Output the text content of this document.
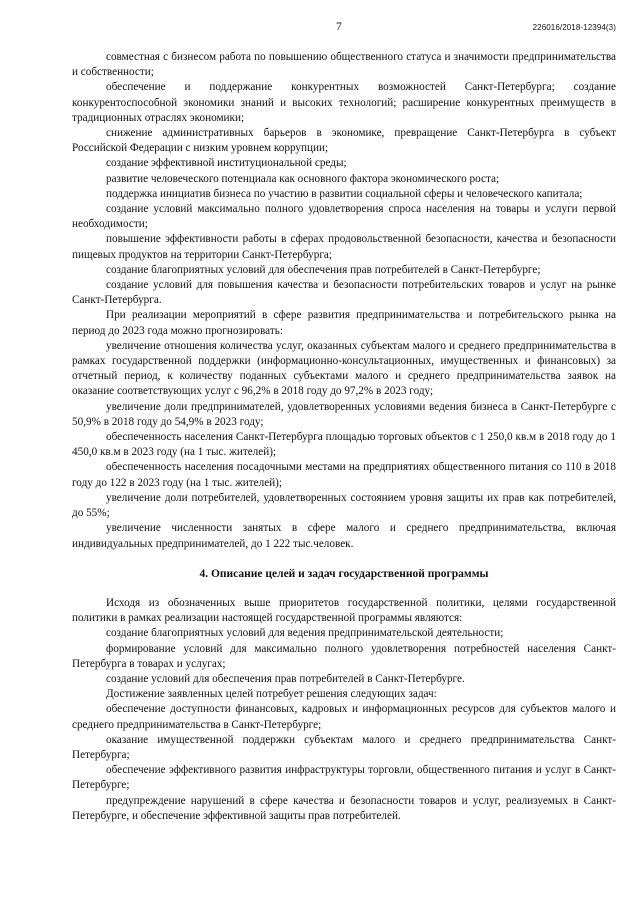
7	226016/2018-12394(3)

совместная с бизнесом работа по повышению общественного статуса и значимости предпринимательства и собственности;

обеспечение и поддержание конкурентных возможностей Санкт-Петербурга; создание конкурентоспособной экономики знаний и высоких технологий; расширение конкурентных преимуществ в традиционных отраслях экономики;

снижение административных барьеров в экономике, превращение Санкт-Петербурга в субъект Российской Федерации с низким уровнем коррупции;

создание эффективной институциональной среды;

развитие человеческого потенциала как основного фактора экономического роста;

поддержка инициатив бизнеса по участию в развитии социальной сферы и человеческого капитала;

создание условий максимально полного удовлетворения спроса населения на товары и услуги первой необходимости;

повышение эффективности работы в сферах продовольственной безопасности, качества и безопасности пищевых продуктов на территории Санкт-Петербурга;

создание благоприятных условий для обеспечения прав потребителей в Санкт-Петербурге;

создание условий для повышения качества и безопасности потребительских товаров и услуг на рынке Санкт-Петербурга.

При реализации мероприятий в сфере развития предпринимательства и потребительского рынка на период до 2023 года можно прогнозировать:

увеличение отношения количества услуг, оказанных субъектам малого и среднего предпринимательства в рамках государственной поддержки (информационно-консультационных, имущественных и финансовых) за отчетный период, к количеству поданных субъектами малого и среднего предпринимательства заявок на оказание соответствующих услуг с 96,2% в 2018 году до 97,2% в 2023 году;

увеличение доли предпринимателей, удовлетворенных условиями ведения бизнеса в Санкт-Петербурге с 50,9% в 2018 году до 54,9% в 2023 году;

обеспеченность населения Санкт-Петербурга площадью торговых объектов с 1 250,0 кв.м в 2018 году до 1 450,0 кв.м в 2023 году (на 1 тыс. жителей);

обеспеченность населения посадочными местами на предприятиях общественного питания со 110 в 2018 году до 122 в 2023 году (на 1 тыс. жителей);

увеличение доли потребителей, удовлетворенных состоянием уровня защиты их прав как потребителей, до 55%;

увеличение численности занятых в сфере малого и среднего предпринимательства, включая индивидуальных предпринимателей, до 1 222 тыс.человек.

4. Описание целей и задач государственной программы

Исходя из обозначенных выше приоритетов государственной политики, целями государственной политики в рамках реализации настоящей государственной программы являются:

создание благоприятных условий для ведения предпринимательской деятельности;

формирование условий для максимально полного удовлетворения потребностей населения Санкт-Петербурга в товарах и услугах;

создание условий для обеспечения прав потребителей в Санкт-Петербурге.

Достижение заявленных целей потребует решения следующих задач:

обеспечение доступности финансовых, кадровых и информационных ресурсов для субъектов малого и среднего предпринимательства в Санкт-Петербурге;

оказание имущественной поддержки субъектам малого и среднего предпринимательства Санкт-Петербурга;

обеспечение эффективного развития инфраструктуры торговли, общественного питания и услуг в Санкт-Петербурге;

предупреждение нарушений в сфере качества и безопасности товаров и услуг, реализуемых в Санкт-Петербурге, и обеспечение эффективной защиты прав потребителей.
